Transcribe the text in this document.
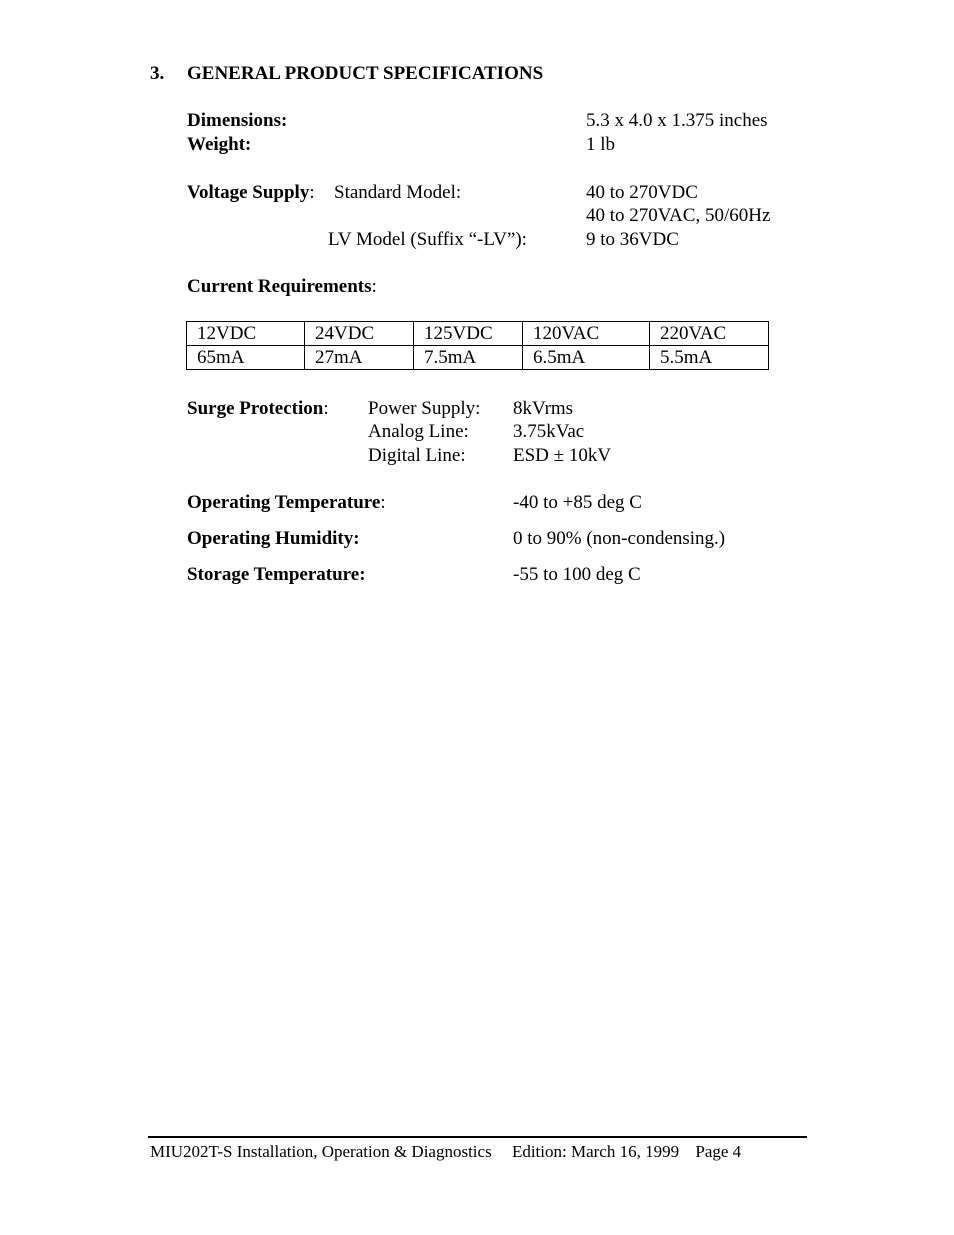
3. GENERAL PRODUCT SPECIFICATIONS
Dimensions:	5.3 x 4.0 x 1.375 inches
Weight:	1 lb
Voltage Supply: Standard Model:	40 to 270VDC
40 to 270VAC, 50/60Hz
LV Model (Suffix “-LV”):	9 to 36VDC
Current Requirements:
12VDC	24VDC	125VDC	120VAC	220VAC
65mA	27mA	7.5mA	6.5mA	5.5mA
Surge Protection: Power Supply: 8kVrms
Analog Line: 3.75kVac
Digital Line: ESD ± 10kV
Operating Temperature:	-40 to +85 deg C
Operating Humidity:	0 to 90% (non-condensing.)
Storage Temperature:	-55 to 100 deg C
MIU202T-S Installation, Operation & Diagnostics Edition: March 16, 1999 Page 4
